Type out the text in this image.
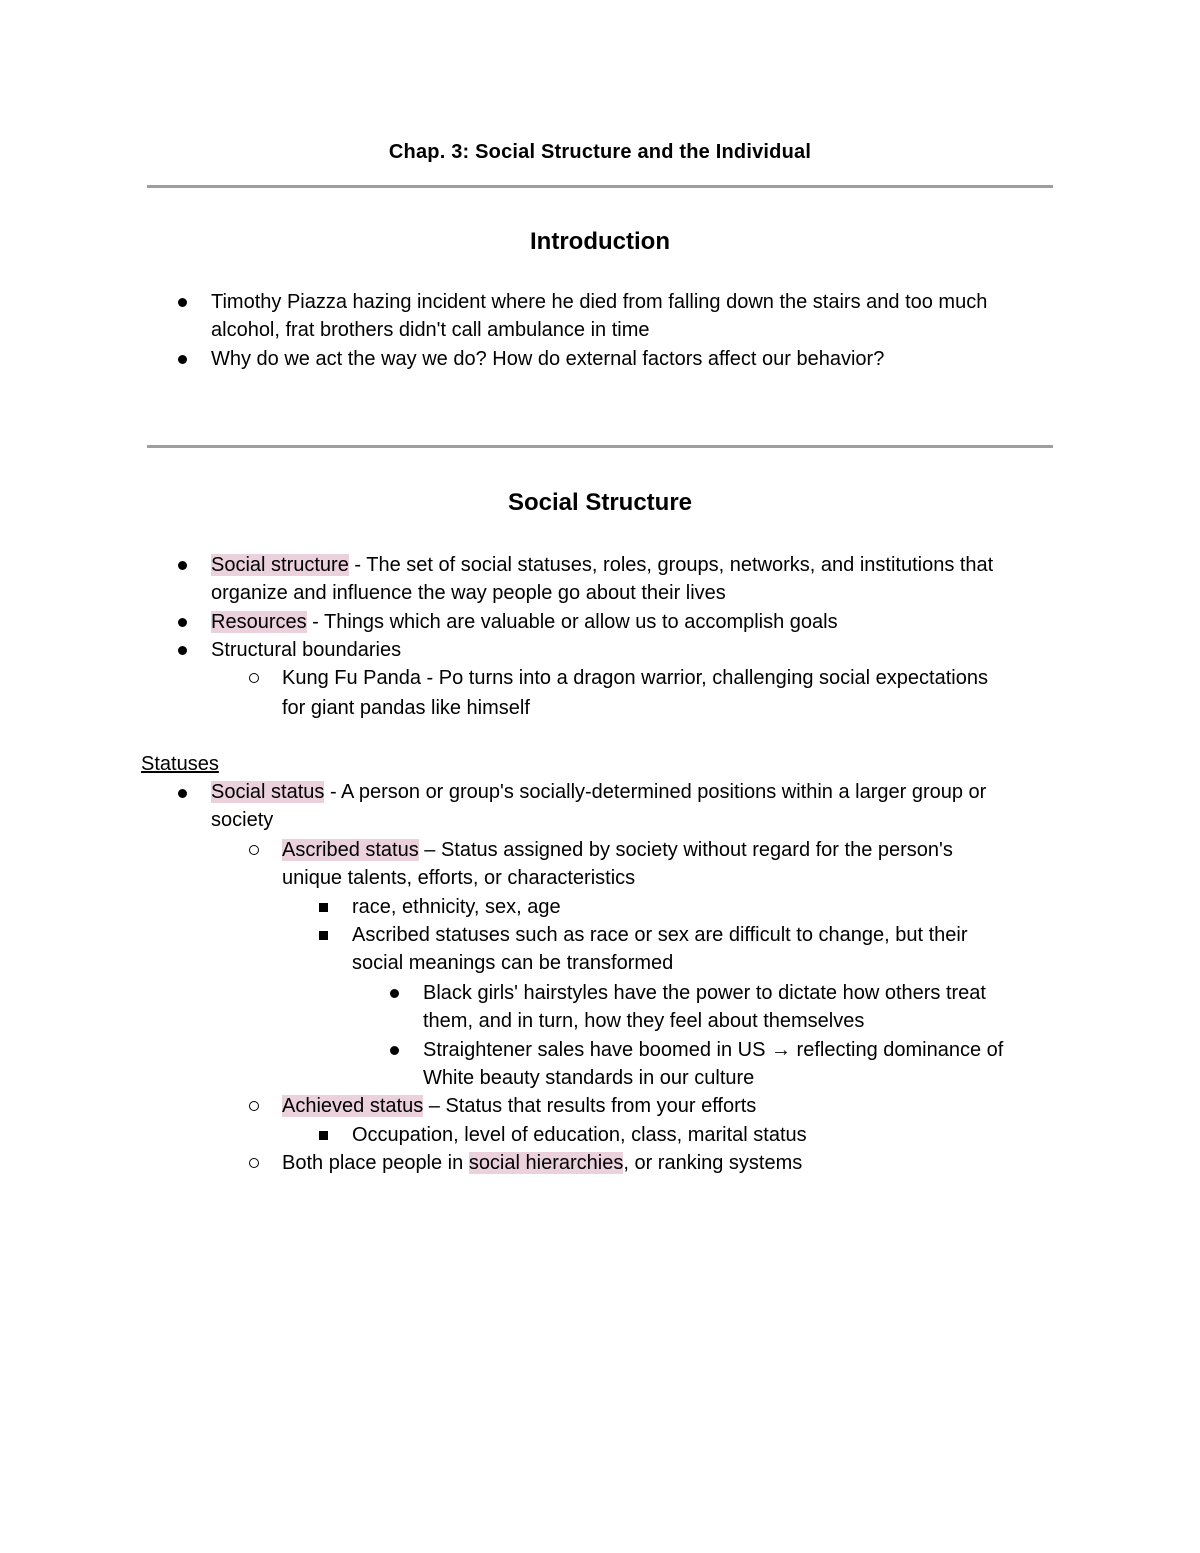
Chap. 3: Social Structure and the Individual
Introduction
Timothy Piazza hazing incident where he died from falling down the stairs and too much
alcohol, frat brothers didn't call ambulance in time
Why do we act the way we do? How do external factors affect our behavior?
Social Structure
Social structure - The set of social statuses, roles, groups, networks, and institutions that
organize and influence the way people go about their lives
Resources - Things which are valuable or allow us to accomplish goals
Structural boundaries
Kung Fu Panda - Po turns into a dragon warrior, challenging social expectations
for giant pandas like himself
Statuses
Social status - A person or group's socially-determined positions within a larger group or
society
Ascribed status – Status assigned by society without regard for the person's
unique talents, efforts, or characteristics
race, ethnicity, sex, age
Ascribed statuses such as race or sex are difficult to change, but their
social meanings can be transformed
Black girls' hairstyles have the power to dictate how others treat
them, and in turn, how they feel about themselves
Straightener sales have boomed in US → reflecting dominance of
White beauty standards in our culture
Achieved status – Status that results from your efforts
Occupation, level of education, class, marital status
Both place people in social hierarchies, or ranking systems
